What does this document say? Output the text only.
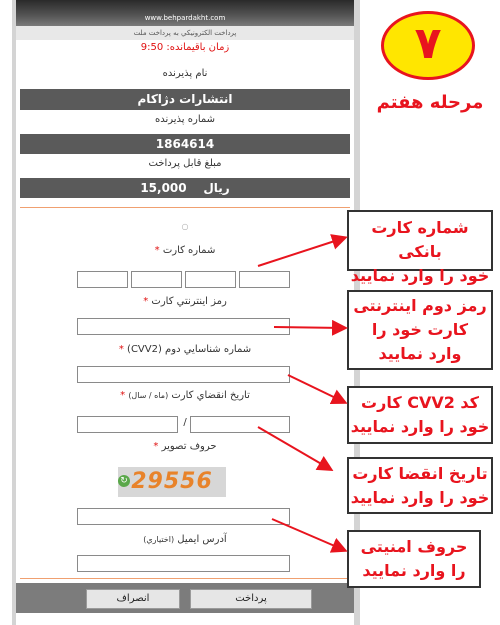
www.behpardakht.com
پرداخت الكترونيكي به پرداخت ملت
زمان باقيمانده: 9:50
نام پذيرنده
انتشارات دژاکام
شماره پذيرنده
1864614
مبلغ قابل پرداخت
ريال    15,000
○
شماره كارت *
رمز اينترنتي كارت *
شماره شناسايي دوم (CVV2) *
تاريخ انقضاي كارت (ماه / سال) *
/
حروف تصوير *
29556
↻
آدرس ايميل (اختياري)
انصراف	پرداخت
۷
مرحله هفتم
شماره کارت بانکی
خود را وارد نمایید
رمز دوم اینترنتی
کارت خود را
وارد نمایید
کد CVV2 کارت
خود را وارد نمایید
تاریخ انقضا کارت
خود را وارد نمایید
حروف امنیتی
را وارد نمایید
